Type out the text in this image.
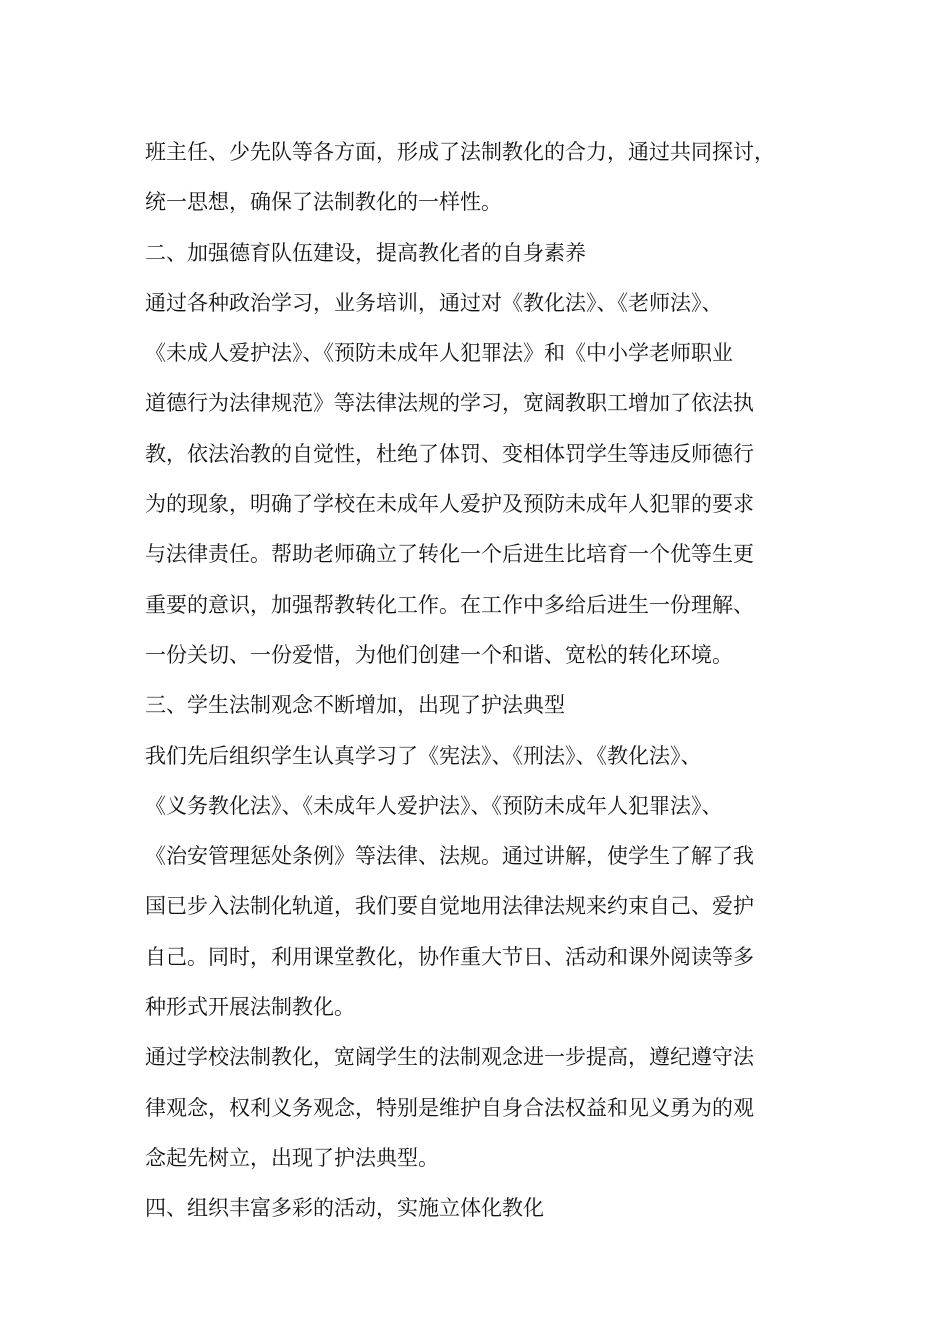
班主任、少先队等各方面，形成了法制教化的合力，通过共同探讨，
统一思想，确保了法制教化的一样性。
二、加强德育队伍建设，提高教化者的自身素养
通过各种政治学习，业务培训，通过对《教化法》、《老师法》、
《未成人爱护法》、《预防未成年人犯罪法》和《中小学老师职业
道德行为法律规范》等法律法规的学习，宽阔教职工增加了依法执
教，依法治教的自觉性，杜绝了体罚、变相体罚学生等违反师德行
为的现象，明确了学校在未成年人爱护及预防未成年人犯罪的要求
与法律责任。帮助老师确立了转化一个后进生比培育一个优等生更
重要的意识，加强帮教转化工作。在工作中多给后进生一份理解、
一份关切、一份爱惜，为他们创建一个和谐、宽松的转化环境。
三、学生法制观念不断增加，出现了护法典型
我们先后组织学生认真学习了《宪法》、《刑法》、《教化法》、
《义务教化法》、《未成年人爱护法》、《预防未成年人犯罪法》、
《治安管理惩处条例》等法律、法规。通过讲解，使学生了解了我
国已步入法制化轨道，我们要自觉地用法律法规来约束自己、爱护
自己。同时，利用课堂教化，协作重大节日、活动和课外阅读等多
种形式开展法制教化。
通过学校法制教化，宽阔学生的法制观念进一步提高，遵纪遵守法
律观念，权利义务观念，特别是维护自身合法权益和见义勇为的观
念起先树立，出现了护法典型。
四、组织丰富多彩的活动，实施立体化教化
